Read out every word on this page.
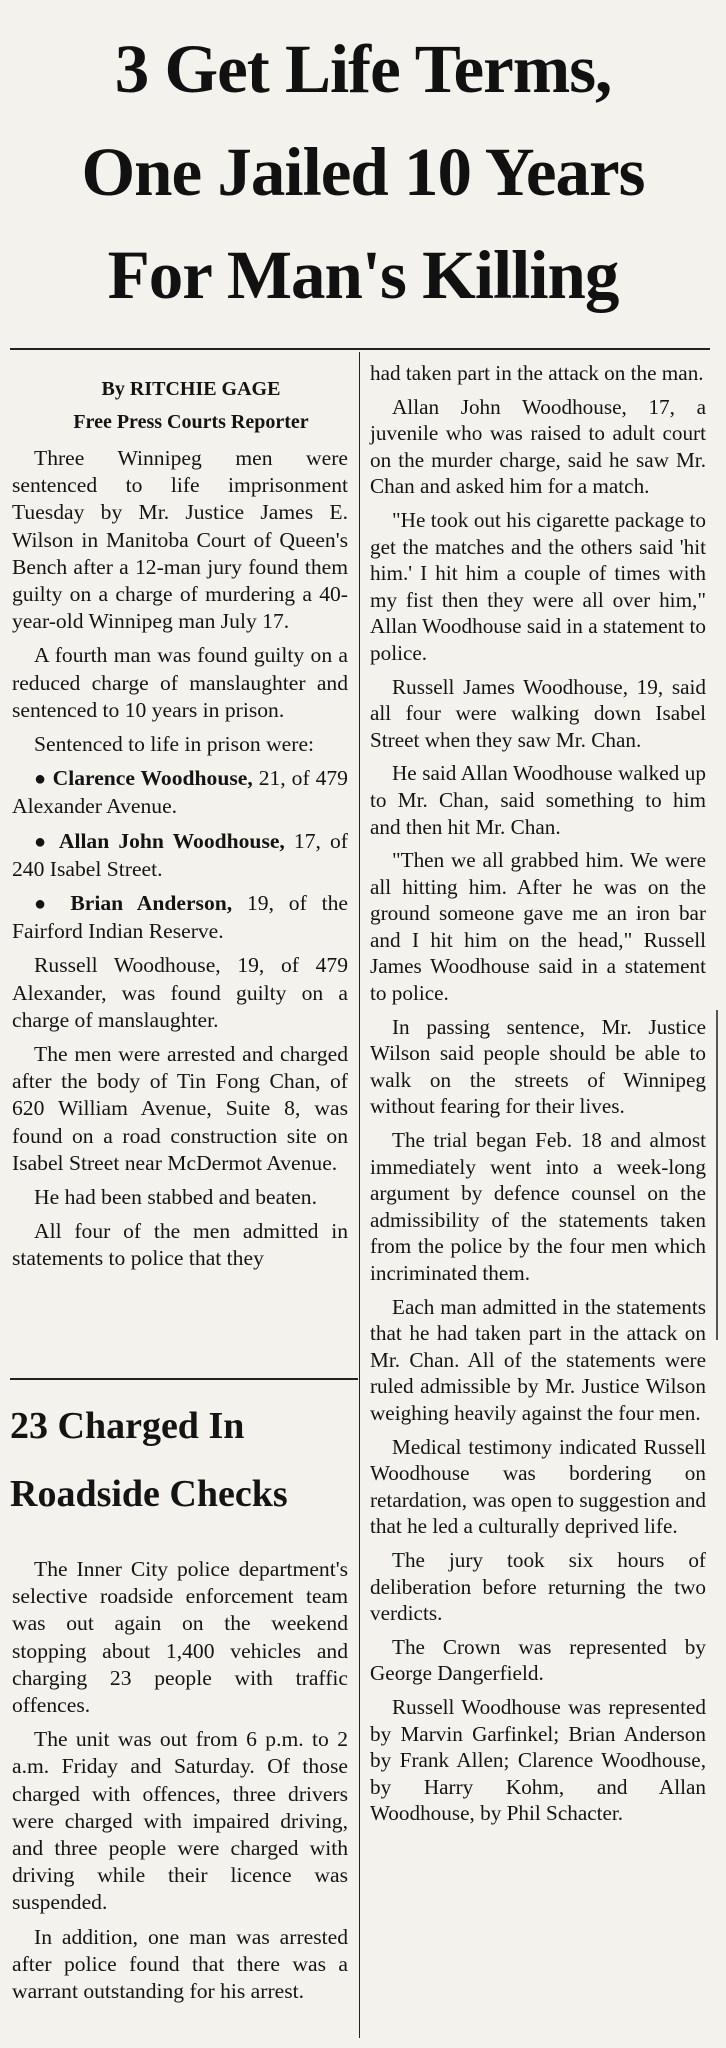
3 Get Life Terms,
One Jailed 10 Years
For Man's Killing

By RITCHIE GAGE

Free Press Courts Reporter

Three Winnipeg men were sentenced to life imprisonment Tuesday by Mr. Justice James E. Wilson in Manitoba Court of Queen's Bench after a 12-man jury found them guilty on a charge of murdering a 40-year-old Winnipeg man July 17.

A fourth man was found guilty on a reduced charge of manslaughter and sentenced to 10 years in prison.

Sentenced to life in prison were:

● Clarence Woodhouse, 21, of 479 Alexander Avenue.

● Allan John Woodhouse, 17, of 240 Isabel Street.

● Brian Anderson, 19, of the Fairford Indian Reserve.

Russell Woodhouse, 19, of 479 Alexander, was found guilty on a charge of manslaughter.

The men were arrested and charged after the body of Tin Fong Chan, of 620 William Avenue, Suite 8, was found on a road construction site on Isabel Street near McDermot Avenue.

He had been stabbed and beaten.

All four of the men admitted in statements to police that they

23 Charged In
Roadside Checks

The Inner City police department's selective roadside enforcement team was out again on the weekend stopping about 1,400 vehicles and charging 23 people with traffic offences.

The unit was out from 6 p.m. to 2 a.m. Friday and Saturday. Of those charged with offences, three drivers were charged with impaired driving, and three people were charged with driving while their licence was suspended.

In addition, one man was arrested after police found that there was a warrant outstanding for his arrest.

had taken part in the attack on the man.

Allan John Woodhouse, 17, a juvenile who was raised to adult court on the murder charge, said he saw Mr. Chan and asked him for a match.

"He took out his cigarette package to get the matches and the others said 'hit him.' I hit him a couple of times with my fist then they were all over him," Allan Woodhouse said in a statement to police.

Russell James Woodhouse, 19, said all four were walking down Isabel Street when they saw Mr. Chan.

He said Allan Woodhouse walked up to Mr. Chan, said something to him and then hit Mr. Chan.

"Then we all grabbed him. We were all hitting him. After he was on the ground someone gave me an iron bar and I hit him on the head," Russell James Woodhouse said in a statement to police.

In passing sentence, Mr. Justice Wilson said people should be able to walk on the streets of Winnipeg without fearing for their lives.

The trial began Feb. 18 and almost immediately went into a week-long argument by defence counsel on the admissibility of the statements taken from the police by the four men which incriminated them.

Each man admitted in the statements that he had taken part in the attack on Mr. Chan. All of the statements were ruled admissible by Mr. Justice Wilson weighing heavily against the four men.

Medical testimony indicated Russell Woodhouse was bordering on retardation, was open to suggestion and that he led a culturally deprived life.

The jury took six hours of deliberation before returning the two verdicts.

The Crown was represented by George Dangerfield.

Russell Woodhouse was represented by Marvin Garfinkel; Brian Anderson by Frank Allen; Clarence Woodhouse, by Harry Kohm, and Allan Woodhouse, by Phil Schacter.
